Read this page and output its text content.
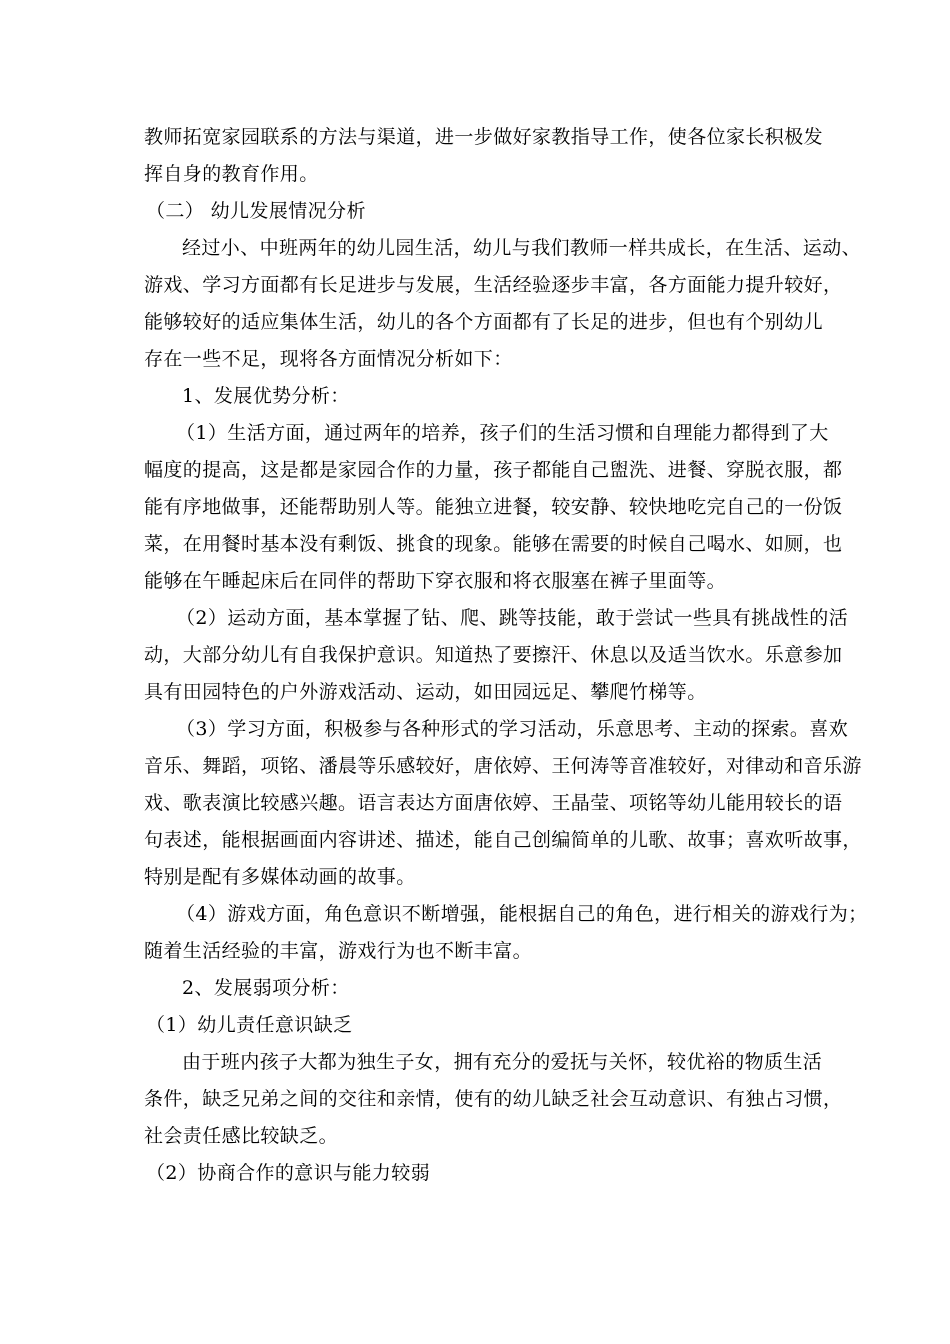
教师拓宽家园联系的方法与渠道，进一步做好家教指导工作，使各位家长积极发
挥自身的教育作用。
（二） 幼儿发展情况分析
经过小、中班两年的幼儿园生活，幼儿与我们教师一样共成长，在生活、运动、
游戏、学习方面都有长足进步与发展，生活经验逐步丰富，各方面能力提升较好，
能够较好的适应集体生活，幼儿的各个方面都有了长足的进步，但也有个别幼儿
存在一些不足，现将各方面情况分析如下：
1、发展优势分析：
（1）生活方面，通过两年的培养，孩子们的生活习惯和自理能力都得到了大
幅度的提高，这是都是家园合作的力量，孩子都能自己盥洗、进餐、穿脱衣服，都
能有序地做事，还能帮助别人等。能独立进餐，较安静、较快地吃完自己的一份饭
菜，在用餐时基本没有剩饭、挑食的现象。能够在需要的时候自己喝水、如厕，也
能够在午睡起床后在同伴的帮助下穿衣服和将衣服塞在裤子里面等。
（2）运动方面，基本掌握了钻、爬、跳等技能，敢于尝试一些具有挑战性的活
动，大部分幼儿有自我保护意识。知道热了要擦汗、休息以及适当饮水。乐意参加
具有田园特色的户外游戏活动、运动，如田园远足、攀爬竹梯等。
（3）学习方面，积极参与各种形式的学习活动，乐意思考、主动的探索。喜欢
音乐、舞蹈，项铭、潘晨等乐感较好，唐依婷、王何涛等音准较好，对律动和音乐游
戏、歌表演比较感兴趣。语言表达方面唐依婷、王晶莹、项铭等幼儿能用较长的语
句表述，能根据画面内容讲述、描述，能自己创编简单的儿歌、故事；喜欢听故事，
特别是配有多媒体动画的故事。
（4）游戏方面，角色意识不断增强，能根据自己的角色，进行相关的游戏行为；
随着生活经验的丰富，游戏行为也不断丰富。
2、发展弱项分析：
（1）幼儿责任意识缺乏
由于班内孩子大都为独生子女，拥有充分的爱抚与关怀，较优裕的物质生活
条件，缺乏兄弟之间的交往和亲情，使有的幼儿缺乏社会互动意识、有独占习惯，
社会责任感比较缺乏。
（2）协商合作的意识与能力较弱
